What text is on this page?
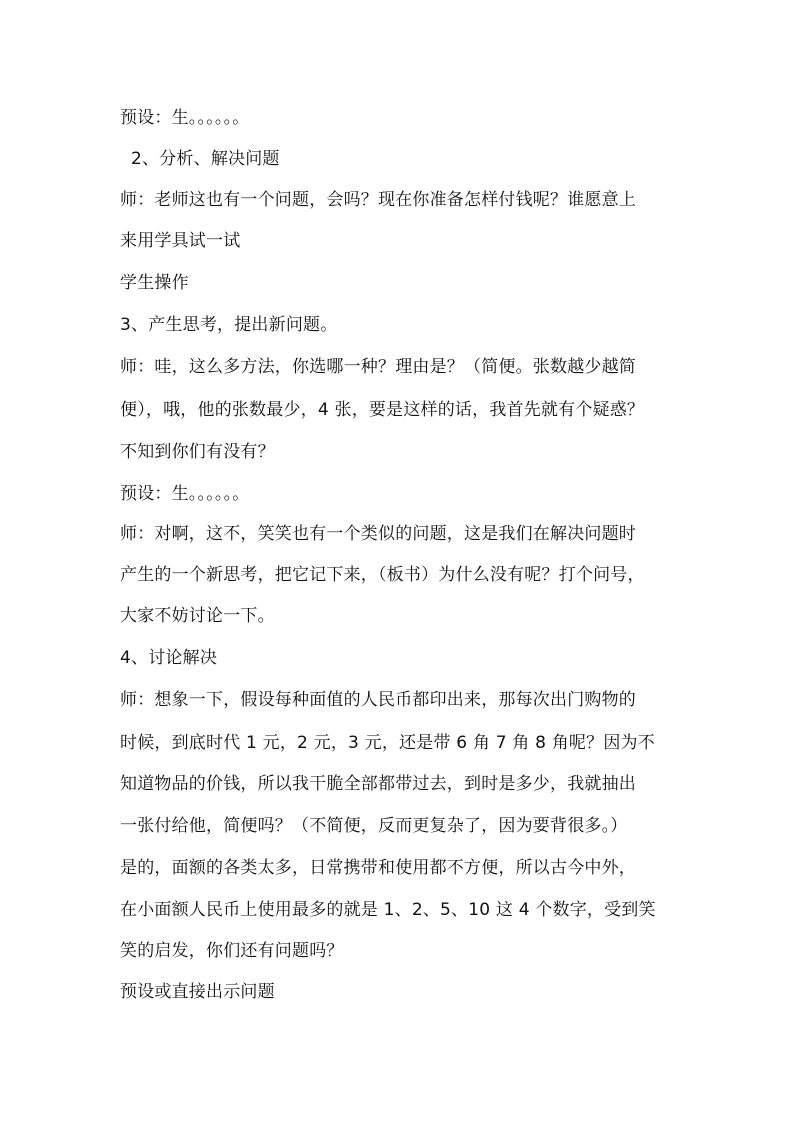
预设：生。。。。。。
2、分析、解决问题
师：老师这也有一个问题，会吗？现在你准备怎样付钱呢？谁愿意上
来用学具试一试
学生操作
3、产生思考，提出新问题。
师：哇，这么多方法，你选哪一种？理由是？（简便。张数越少越简
便），哦，他的张数最少，4 张，要是这样的话，我首先就有个疑惑？
不知到你们有没有？
预设：生。。。。。。
师：对啊，这不，笑笑也有一个类似的问题，这是我们在解决问题时
产生的一个新思考，把它记下来，（板书）为什么没有呢？打个问号，
大家不妨讨论一下。
4、讨论解决
师：想象一下，假设每种面值的人民币都印出来，那每次出门购物的
时候，到底时代 1 元，2 元，3 元，还是带 6 角 7 角 8 角呢？因为不
知道物品的价钱，所以我干脆全部都带过去，到时是多少，我就抽出
一张付给他，简便吗？（不简便，反而更复杂了，因为要背很多。）
是的，面额的各类太多，日常携带和使用都不方便，所以古今中外，
在小面额人民币上使用最多的就是 1、2、5、10 这 4 个数字，受到笑
笑的启发，你们还有问题吗？
预设或直接出示问题
